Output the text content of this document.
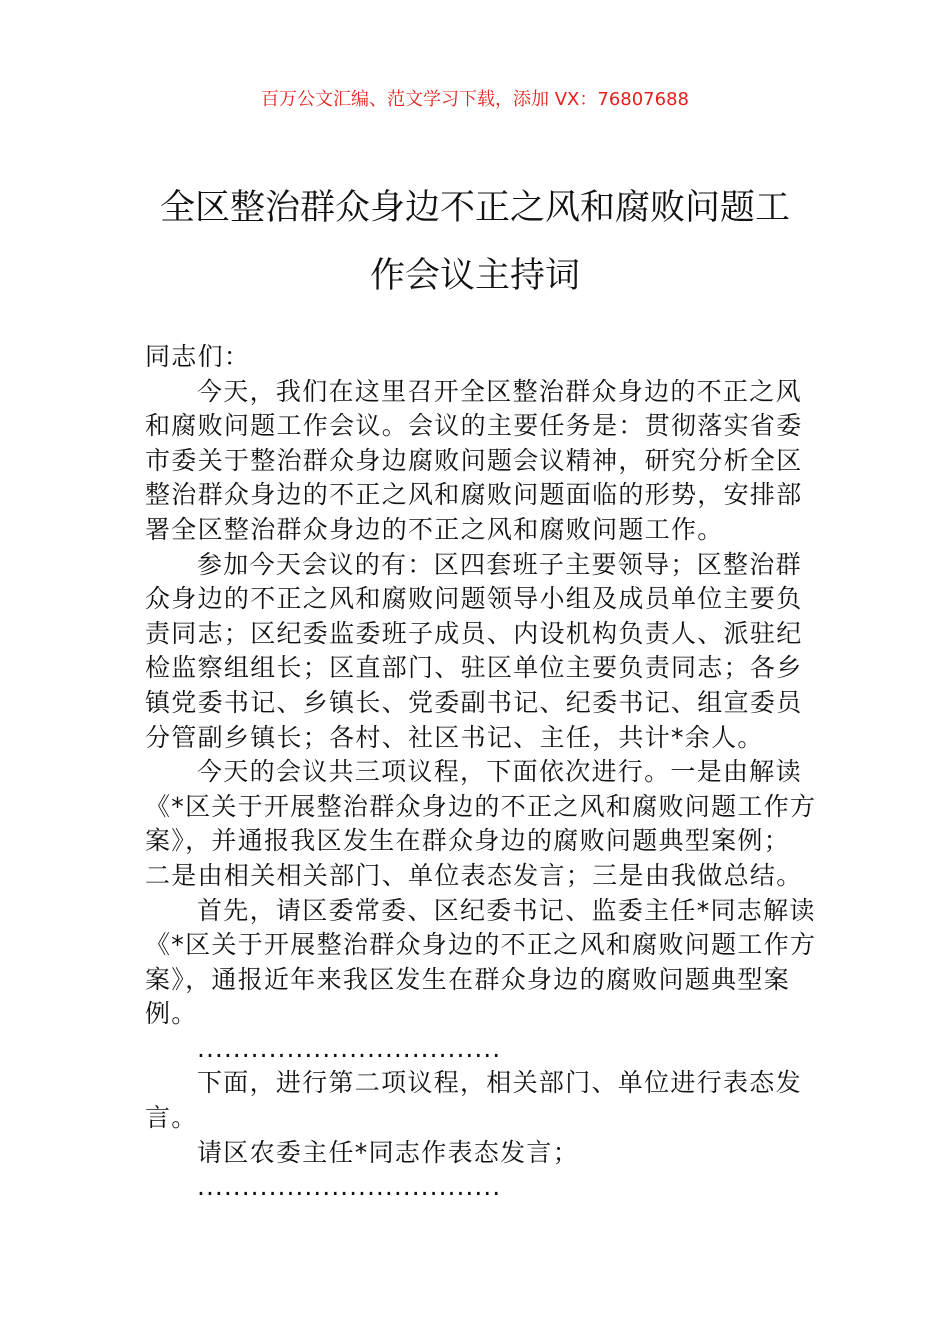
百万公文汇编、范文学习下载，添加 VX：76807688
全区整治群众身边不正之风和腐败问题工
作会议主持词
同志们：
今天，我们在这里召开全区整治群众身边的不正之风
和腐败问题工作会议。会议的主要任务是：贯彻落实省委
市委关于整治群众身边腐败问题会议精神，研究分析全区
整治群众身边的不正之风和腐败问题面临的形势，安排部
署全区整治群众身边的不正之风和腐败问题工作。
参加今天会议的有：区四套班子主要领导；区整治群
众身边的不正之风和腐败问题领导小组及成员单位主要负
责同志；区纪委监委班子成员、内设机构负责人、派驻纪
检监察组组长；区直部门、驻区单位主要负责同志；各乡
镇党委书记、乡镇长、党委副书记、纪委书记、组宣委员
分管副乡镇长；各村、社区书记、主任，共计*余人。
今天的会议共三项议程，下面依次进行。一是由解读
《*区关于开展整治群众身边的不正之风和腐败问题工作方
案》，并通报我区发生在群众身边的腐败问题典型案例；
二是由相关相关部门、单位表态发言；三是由我做总结。
首先，请区委常委、区纪委书记、监委主任*同志解读
《*区关于开展整治群众身边的不正之风和腐败问题工作方
案》，通报近年来我区发生在群众身边的腐败问题典型案
例。
..................................
下面，进行第二项议程，相关部门、单位进行表态发
言。
请区农委主任*同志作表态发言；
..................................
